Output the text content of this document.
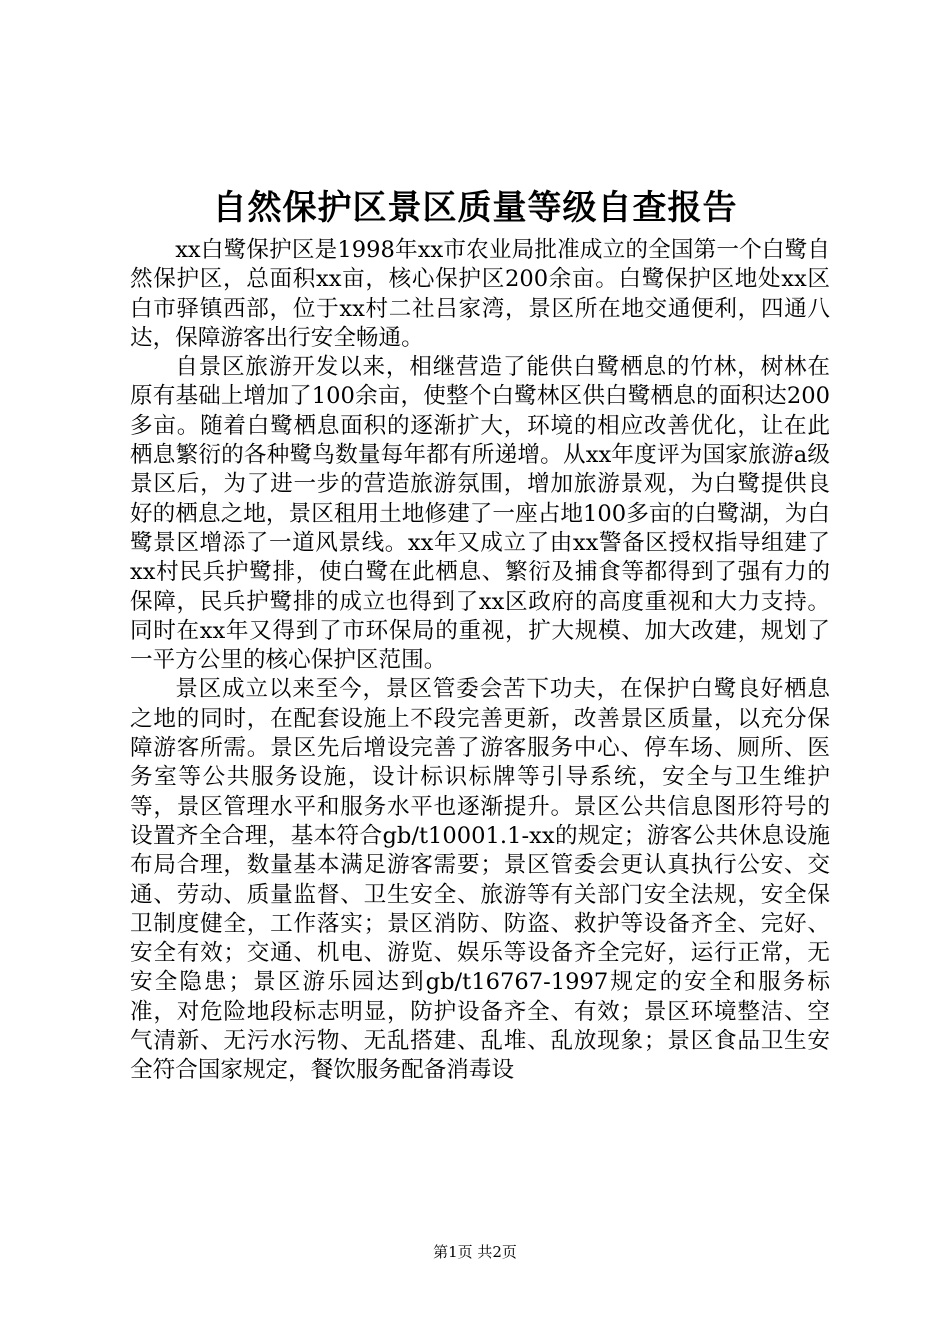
自然保护区景区质量等级自查报告

xx白鹭保护区是1998年xx市农业局批准成立的全国第一个白鹭自然保护区，总面积xx亩，核心保护区200余亩。白鹭保护区地处xx区白市驿镇西部，位于xx村二社吕家湾，景区所在地交通便利，四通八达，保障游客出行安全畅通。

自景区旅游开发以来，相继营造了能供白鹭栖息的竹林，树林在原有基础上增加了100余亩，使整个白鹭林区供白鹭栖息的面积达200多亩。随着白鹭栖息面积的逐渐扩大，环境的相应改善优化，让在此栖息繁衍的各种鹭鸟数量每年都有所递增。从xx年度评为国家旅游a级景区后，为了进一步的营造旅游氛围，增加旅游景观，为白鹭提供良好的栖息之地，景区租用土地修建了一座占地100多亩的白鹭湖，为白鹭景区增添了一道风景线。xx年又成立了由xx警备区授权指导组建了xx村民兵护鹭排，使白鹭在此栖息、繁衍及捕食等都得到了强有力的保障，民兵护鹭排的成立也得到了xx区政府的高度重视和大力支持。同时在xx年又得到了市环保局的重视，扩大规模、加大改建，规划了一平方公里的核心保护区范围。

景区成立以来至今，景区管委会苦下功夫，在保护白鹭良好栖息之地的同时，在配套设施上不段完善更新，改善景区质量，以充分保障游客所需。景区先后增设完善了游客服务中心、停车场、厕所、医务室等公共服务设施，设计标识标牌等引导系统，安全与卫生维护等，景区管理水平和服务水平也逐渐提升。景区公共信息图形符号的设置齐全合理，基本符合gb/t10001.1-xx的规定；游客公共休息设施布局合理，数量基本满足游客需要；景区管委会更认真执行公安、交通、劳动、质量监督、卫生安全、旅游等有关部门安全法规，安全保卫制度健全，工作落实；景区消防、防盗、救护等设备齐全、完好、安全有效；交通、机电、游览、娱乐等设备齐全完好，运行正常，无安全隐患；景区游乐园达到gb/t16767-1997规定的安全和服务标准，对危险地段标志明显，防护设备齐全、有效；景区环境整洁、空气清新、无污水污物、无乱搭建、乱堆、乱放现象；景区食品卫生安全符合国家规定，餐饮服务配备消毒设

第1页 共2页
